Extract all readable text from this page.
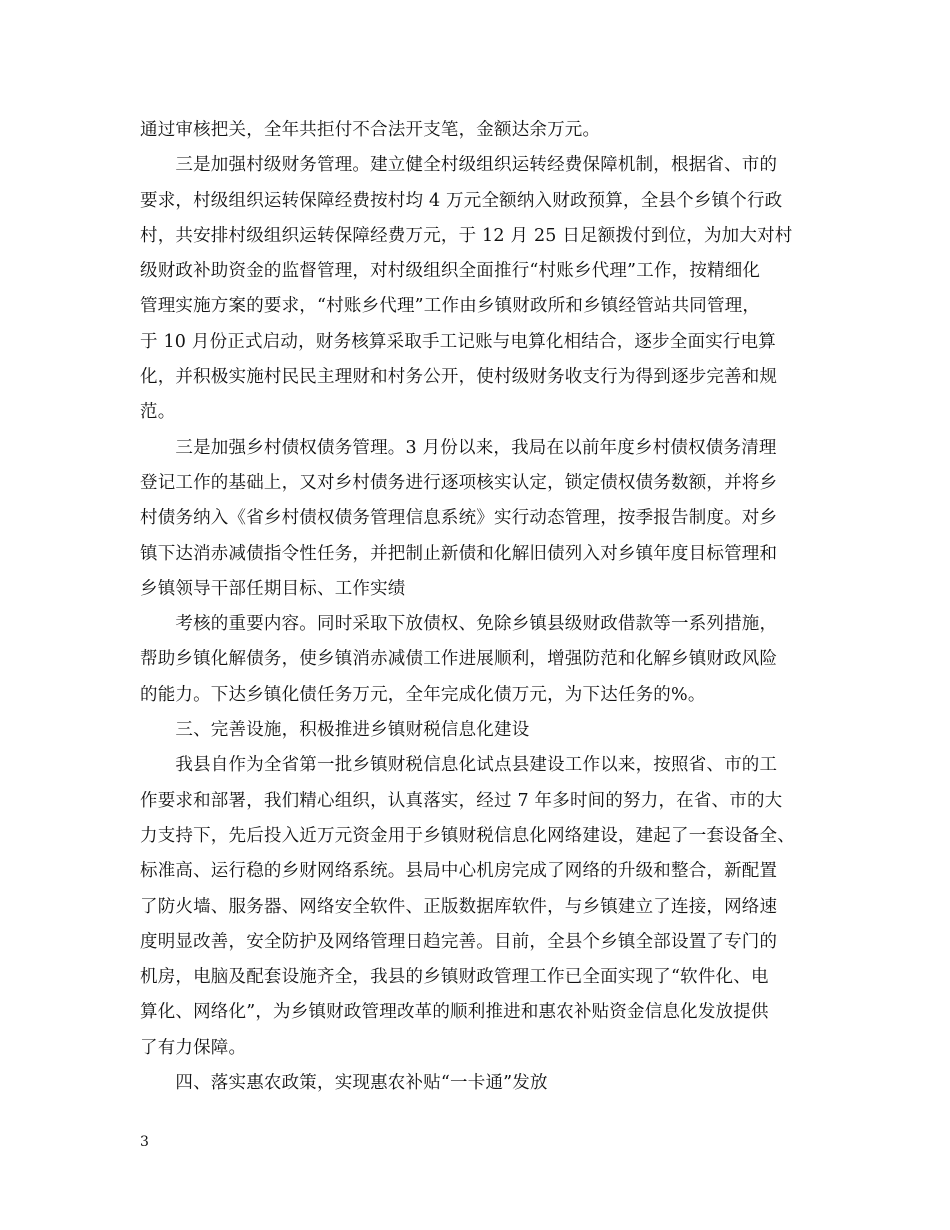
通过审核把关，全年共拒付不合法开支笔，金额达余万元。

　　三是加强村级财务管理。建立健全村级组织运转经费保障机制，根据省、市的
要求，村级组织运转保障经费按村均 4 万元全额纳入财政预算，全县个乡镇个行政
村，共安排村级组织运转保障经费万元，于 12 月 25 日足额拨付到位，为加大对村
级财政补助资金的监督管理，对村级组织全面推行“村账乡代理”工作，按精细化
管理实施方案的要求，“村账乡代理”工作由乡镇财政所和乡镇经管站共同管理，
于 10 月份正式启动，财务核算采取手工记账与电算化相结合，逐步全面实行电算
化，并积极实施村民民主理财和村务公开，使村级财务收支行为得到逐步完善和规
范。

　　三是加强乡村债权债务管理。3 月份以来，我局在以前年度乡村债权债务清理
登记工作的基础上，又对乡村债务进行逐项核实认定，锁定债权债务数额，并将乡
村债务纳入《省乡村债权债务管理信息系统》实行动态管理，按季报告制度。对乡
镇下达消赤减债指令性任务，并把制止新债和化解旧债列入对乡镇年度目标管理和
乡镇领导干部任期目标、工作实绩

　　考核的重要内容。同时采取下放债权、免除乡镇县级财政借款等一系列措施，
帮助乡镇化解债务，使乡镇消赤减债工作进展顺利，增强防范和化解乡镇财政风险
的能力。下达乡镇化债任务万元，全年完成化债万元，为下达任务的%。

　　三、完善设施，积极推进乡镇财税信息化建设

　　我县自作为全省第一批乡镇财税信息化试点县建设工作以来，按照省、市的工
作要求和部署，我们精心组织，认真落实，经过 7 年多时间的努力，在省、市的大
力支持下，先后投入近万元资金用于乡镇财税信息化网络建设，建起了一套设备全、
标准高、运行稳的乡财网络系统。县局中心机房完成了网络的升级和整合，新配置
了防火墙、服务器、网络安全软件、正版数据库软件，与乡镇建立了连接，网络速
度明显改善，安全防护及网络管理日趋完善。目前，全县个乡镇全部设置了专门的
机房，电脑及配套设施齐全，我县的乡镇财政管理工作已全面实现了“软件化、电
算化、网络化”，为乡镇财政管理改革的顺利推进和惠农补贴资金信息化发放提供
了有力保障。

　　四、落实惠农政策，实现惠农补贴“一卡通”发放

3
